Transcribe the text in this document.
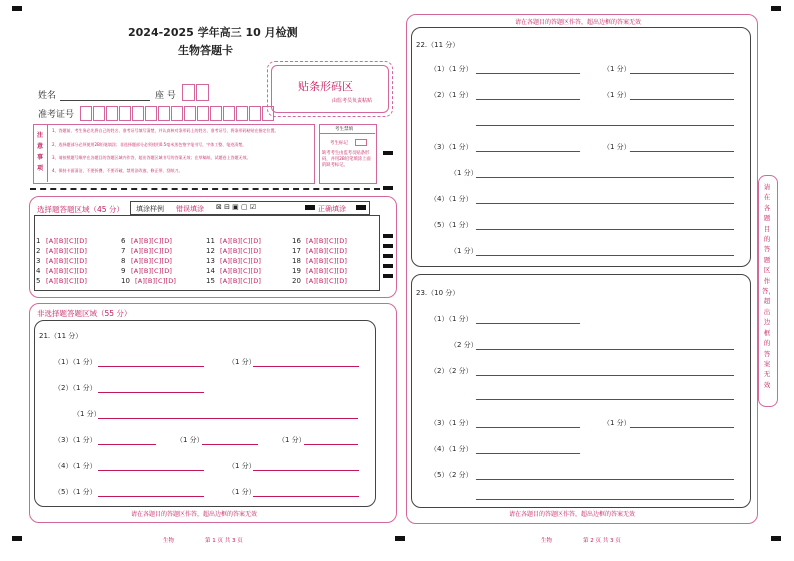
2024-2025 学年高三 10 月检测
生物答题卡
姓名	座 号
准考证号
贴条形码区
由监考员负责粘贴
注 意 事 项
1、答题前，考生务必先将自己的姓名、准考证号填写清楚，并认真核对条形码上的姓名、准考证号，将条形码粘贴在指定位置。
2、选择题部分必须使用2B铅笔填涂；非选择题部分必须使用0.5毫米黑色签字笔书写，字体工整、笔迹清楚。
3、请按照题号顺序在各题目的答题区域内作答，超出答题区域书写的答案无效；在草稿纸、试题卷上答题无效。
4、保持卡面清洁，不要折叠、不要弄破，禁用涂改液、修正带、刮纸刀。
考生禁填
考生标记
缺考考生由监考员贴条形码，并用2B铅笔填涂上面的缺考标记。
选择题答题区域（45 分） 填涂样例 错误填涂 ⊠ ⊟ ▣ ▢ ☑	正确填涂
1 [A][B][C][D]
2 [A][B][C][D]
3 [A][B][C][D]
4 [A][B][C][D]
5 [A][B][C][D]
6 [A][B][C][D]
7 [A][B][C][D]
8 [A][B][C][D]
9 [A][B][C][D]
10 [A][B][C][D]
11 [A][B][C][D]
12 [A][B][C][D]
13 [A][B][C][D]
14 [A][B][C][D]
15 [A][B][C][D]
16 [A][B][C][D]
17 [A][B][C][D]
18 [A][B][C][D]
19 [A][B][C][D]
20 [A][B][C][D]
非选择题答题区域（55 分）
21.（11 分）
（1）（1 分）	（1 分）
（2）（1 分）
（1 分）
（3）（1 分）	（1 分）	（1 分）
（4）（1 分）	（1 分）
（5）（1 分）	（1 分）
请在各题目的答题区作答，超出边框的答案无效
生物	第 1 页 共 3 页
请在各题目的答题区作答，超出边框的答案无效
22.（11 分）
（1）（1 分）	（1 分）
（2）（1 分）	（1 分）
（3）（1 分）	（1 分）
（1 分）
（4）（1 分）
（5）（1 分）
（1 分）
23.（10 分）
（1）（1 分）
（2 分）
（2）（2 分）
（3）（1 分）	（1 分）
（4）（1 分）
（5）（2 分）
请在各题目的答题区作答，超出边框的答案无效
请在各题目的答题区作答，超出边框的答案无效
生物	第 2 页 共 3 页
